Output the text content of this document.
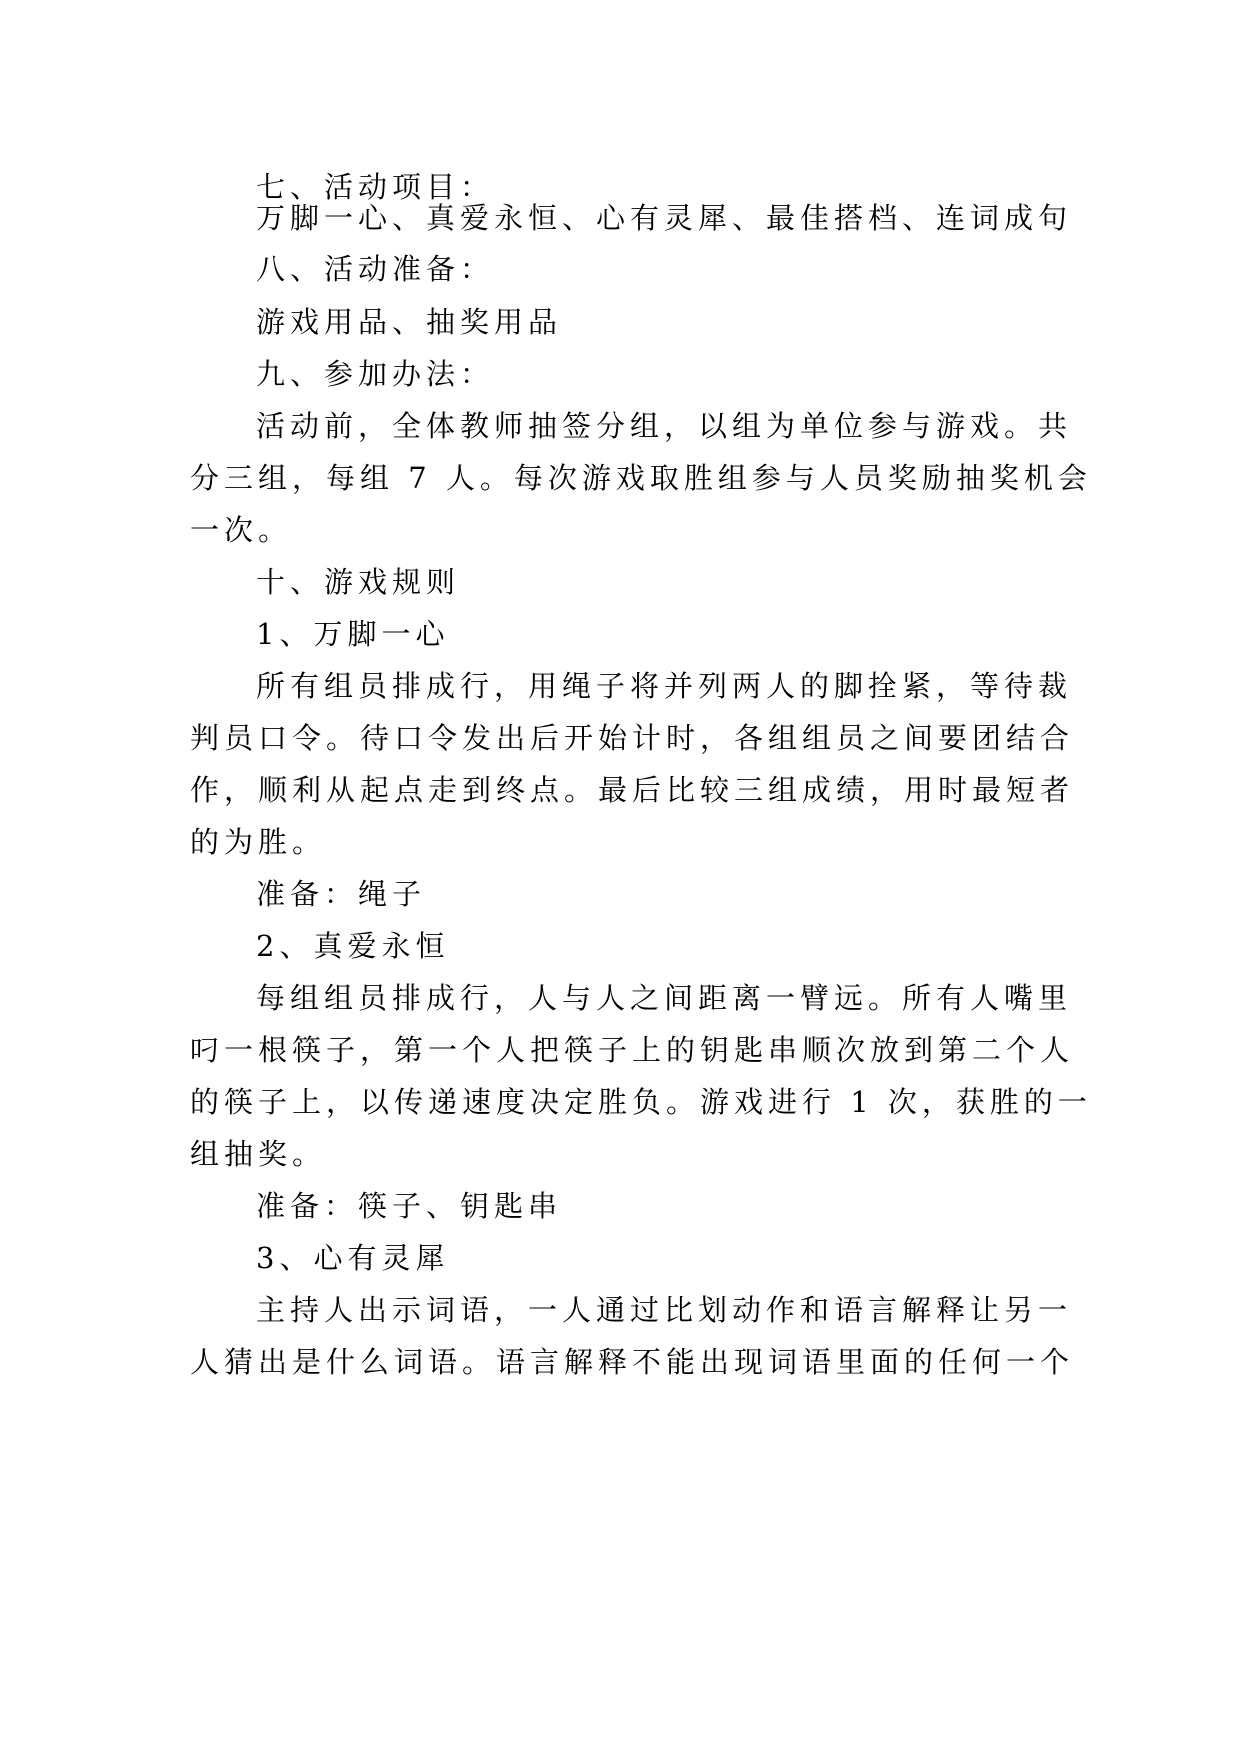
七、活动项目：
万脚一心、真爱永恒、心有灵犀、最佳搭档、连词成句
八、活动准备：
游戏用品、抽奖用品
九、参加办法：
活动前，全体教师抽签分组，以组为单位参与游戏。共
分三组，每组 7 人。每次游戏取胜组参与人员奖励抽奖机会
一次。
十、游戏规则
1、万脚一心
所有组员排成行，用绳子将并列两人的脚拴紧，等待裁
判员口令。待口令发出后开始计时，各组组员之间要团结合
作，顺利从起点走到终点。最后比较三组成绩，用时最短者
的为胜。
准备：绳子
2、真爱永恒
每组组员排成行，人与人之间距离一臂远。所有人嘴里
叼一根筷子，第一个人把筷子上的钥匙串顺次放到第二个人
的筷子上，以传递速度决定胜负。游戏进行 1 次，获胜的一
组抽奖。
准备：筷子、钥匙串
3、心有灵犀
主持人出示词语，一人通过比划动作和语言解释让另一
人猜出是什么词语。语言解释不能出现词语里面的任何一个
